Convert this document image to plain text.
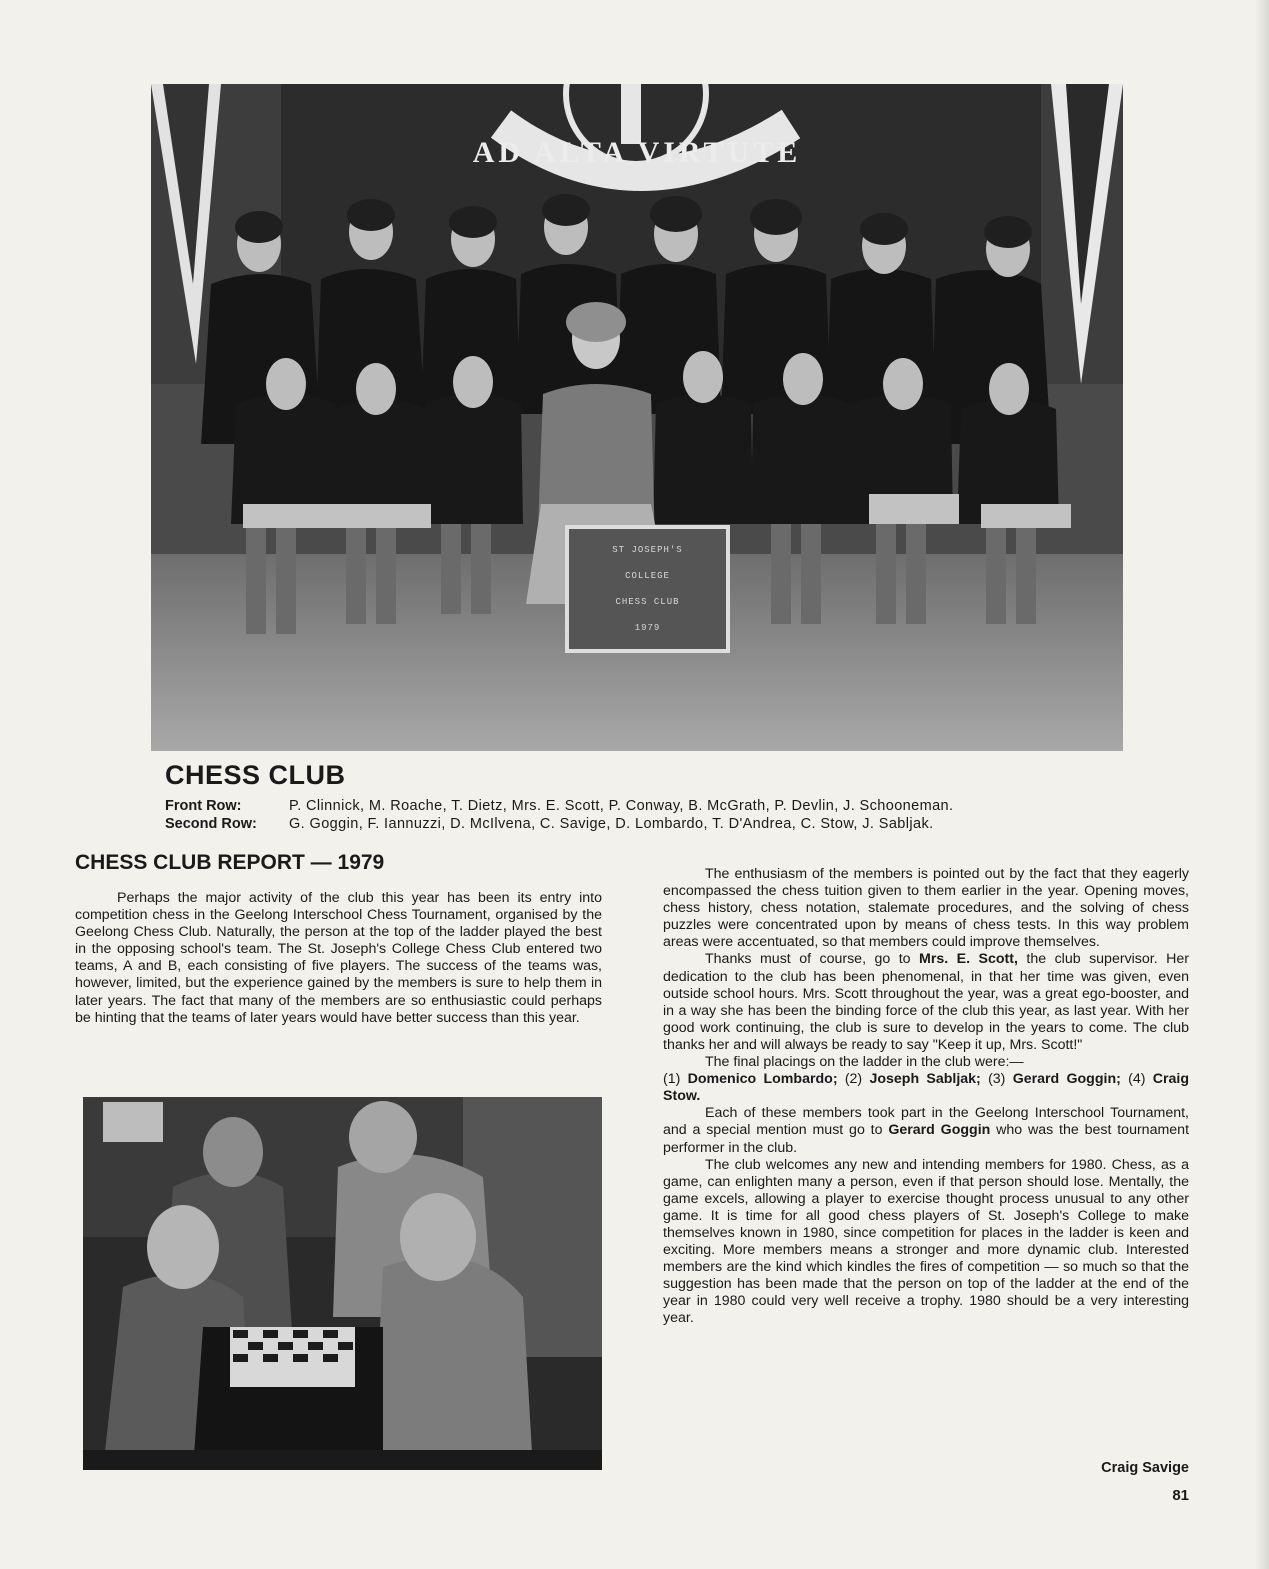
AD ALTA VIRTUTE
ST JOSEPH'S
COLLEGE
CHESS CLUB
1979
CHESS CLUB
Front Row:	P. Clinnick, M. Roache, T. Dietz, Mrs. E. Scott, P. Conway, B. McGrath, P. Devlin, J. Schooneman.
Second Row: G. Goggin, F. Iannuzzi, D. McIlvena, C. Savige, D. Lombardo, T. D'Andrea, C. Stow, J. Sabljak.
CHESS CLUB REPORT — 1979

Perhaps the major activity of the club this year has been its entry into competition chess in the Geelong Interschool Chess Tournament, organised by the Geelong Chess Club. Naturally, the person at the top of the ladder played the best in the opposing school's team. The St. Joseph's College Chess Club entered two teams, A and B, each consisting of five players. The success of the teams was, however, limited, but the experience gained by the members is sure to help them in later years. The fact that many of the members are so enthusiastic could perhaps be hinting that the teams of later years would have better success than this year.

The enthusiasm of the members is pointed out by the fact that they eagerly encompassed the chess tuition given to them earlier in the year. Opening moves, chess history, chess notation, stalemate procedures, and the solving of chess puzzles were concentrated upon by means of chess tests. In this way problem areas were accentuated, so that members could improve themselves.

Thanks must of course, go to Mrs. E. Scott, the club supervisor. Her dedication to the club has been phenomenal, in that her time was given, even outside school hours. Mrs. Scott throughout the year, was a great ego-booster, and in a way she has been the binding force of the club this year, as last year. With her good work continuing, the club is sure to develop in the years to come. The club thanks her and will always be ready to say "Keep it up, Mrs. Scott!"

The final placings on the ladder in the club were:—

(1) Domenico Lombardo; (2) Joseph Sabljak; (3) Gerard Goggin; (4) Craig Stow.

Each of these members took part in the Geelong Interschool Tournament, and a special mention must go to Gerard Goggin who was the best tournament performer in the club.

The club welcomes any new and intending members for 1980. Chess, as a game, can enlighten many a person, even if that person should lose. Mentally, the game excels, allowing a player to exercise thought process unusual to any other game. It is time for all good chess players of St. Joseph's College to make themselves known in 1980, since competition for places in the ladder is keen and exciting. More members means a stronger and more dynamic club. Interested members are the kind which kindles the fires of competition — so much so that the suggestion has been made that the person on top of the ladder at the end of the year in 1980 could very well receive a trophy. 1980 should be a very interesting year.

Craig Savige
81
